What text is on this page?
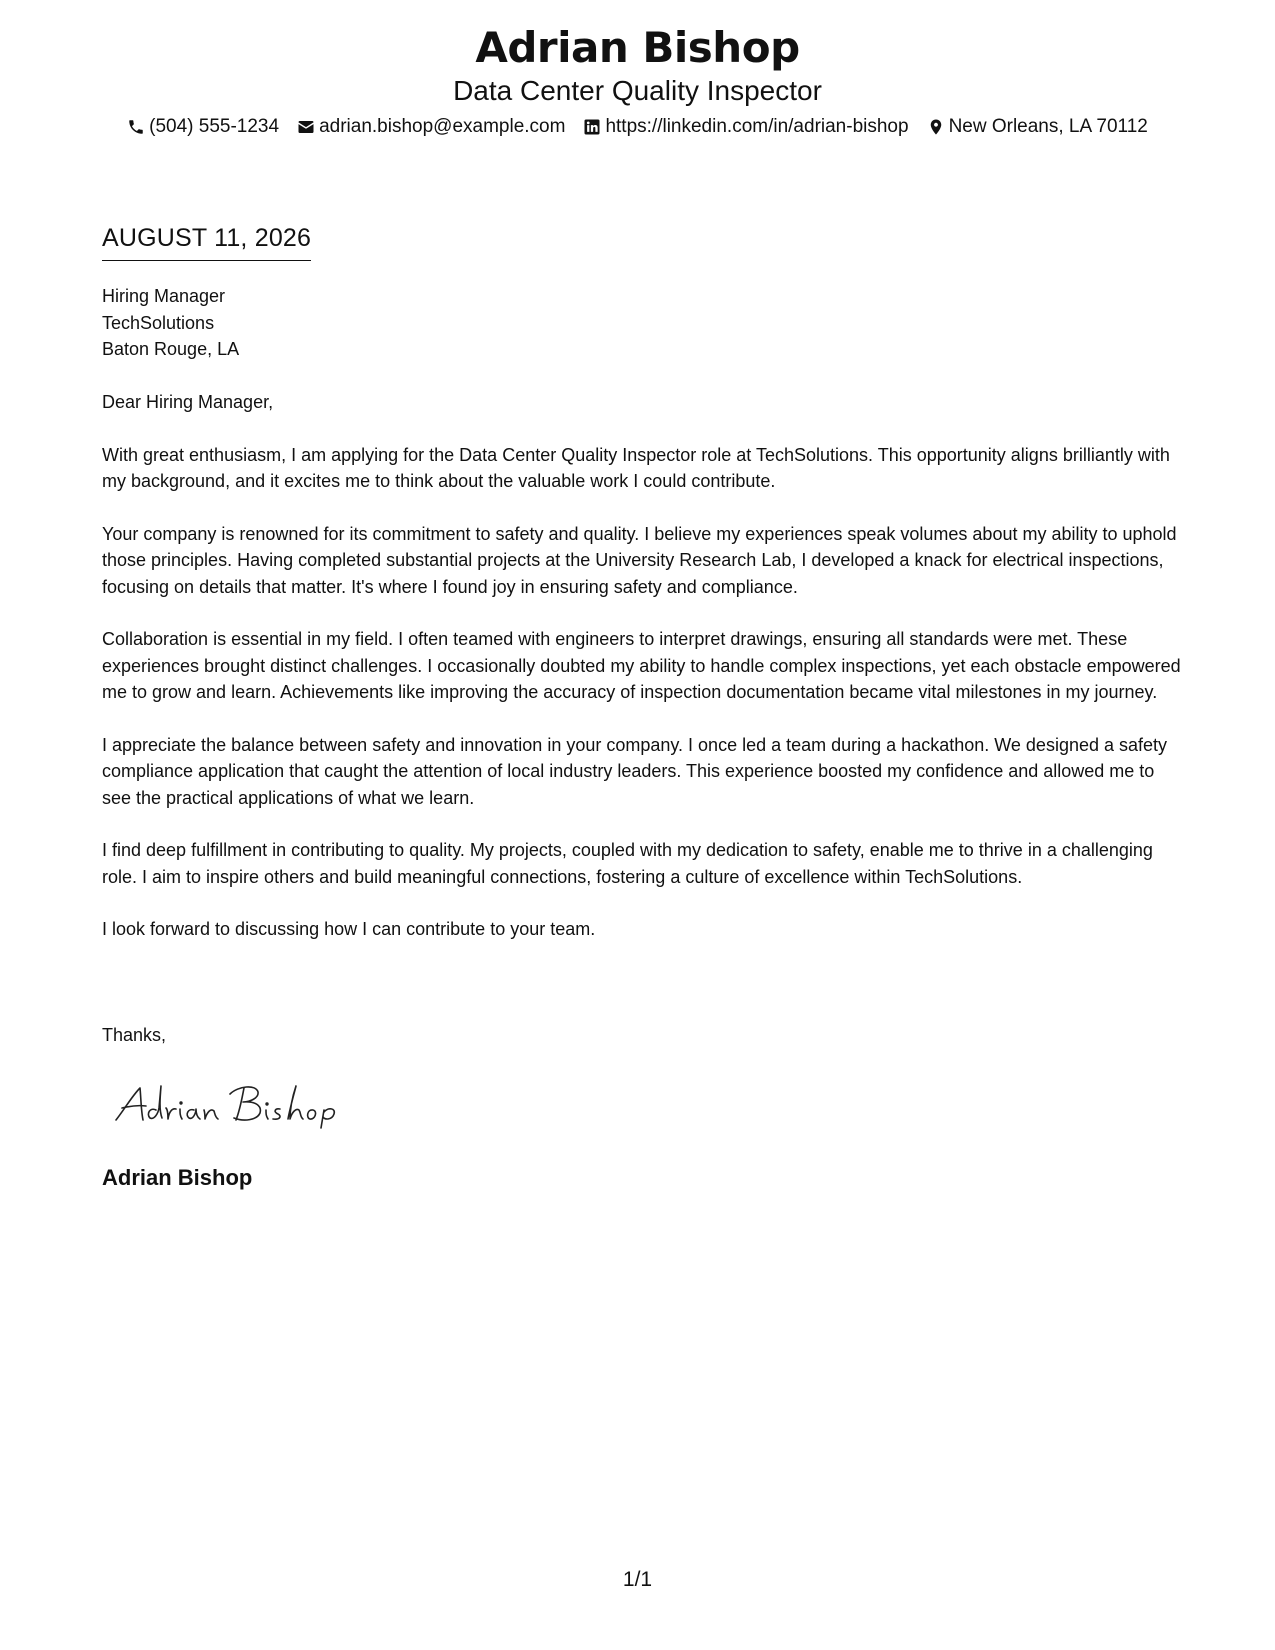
Adrian Bishop
Data Center Quality Inspector
(504) 555-1234 adrian.bishop@example.com https://linkedin.com/in/adrian-bishop New Orleans, LA 70112
AUGUST 11, 2026
Hiring Manager
TechSolutions
Baton Rouge, LA

Dear Hiring Manager,

With great enthusiasm, I am applying for the Data Center Quality Inspector role at TechSolutions. This opportunity aligns brilliantly with my background, and it excites me to think about the valuable work I could contribute.

Your company is renowned for its commitment to safety and quality. I believe my experiences speak volumes about my ability to uphold those principles. Having completed substantial projects at the University Research Lab, I developed a knack for electrical inspections, focusing on details that matter. It's where I found joy in ensuring safety and compliance.

Collaboration is essential in my field. I often teamed with engineers to interpret drawings, ensuring all standards were met. These experiences brought distinct challenges. I occasionally doubted my ability to handle complex inspections, yet each obstacle empowered me to grow and learn. Achievements like improving the accuracy of inspection documentation became vital milestones in my journey.

I appreciate the balance between safety and innovation in your company. I once led a team during a hackathon. We designed a safety compliance application that caught the attention of local industry leaders. This experience boosted my confidence and allowed me to see the practical applications of what we learn.

I find deep fulfillment in contributing to quality. My projects, coupled with my dedication to safety, enable me to thrive in a challenging role. I aim to inspire others and build meaningful connections, fostering a culture of excellence within TechSolutions.

I look forward to discussing how I can contribute to your team.

Thanks,
Adrian Bishop
1/1
